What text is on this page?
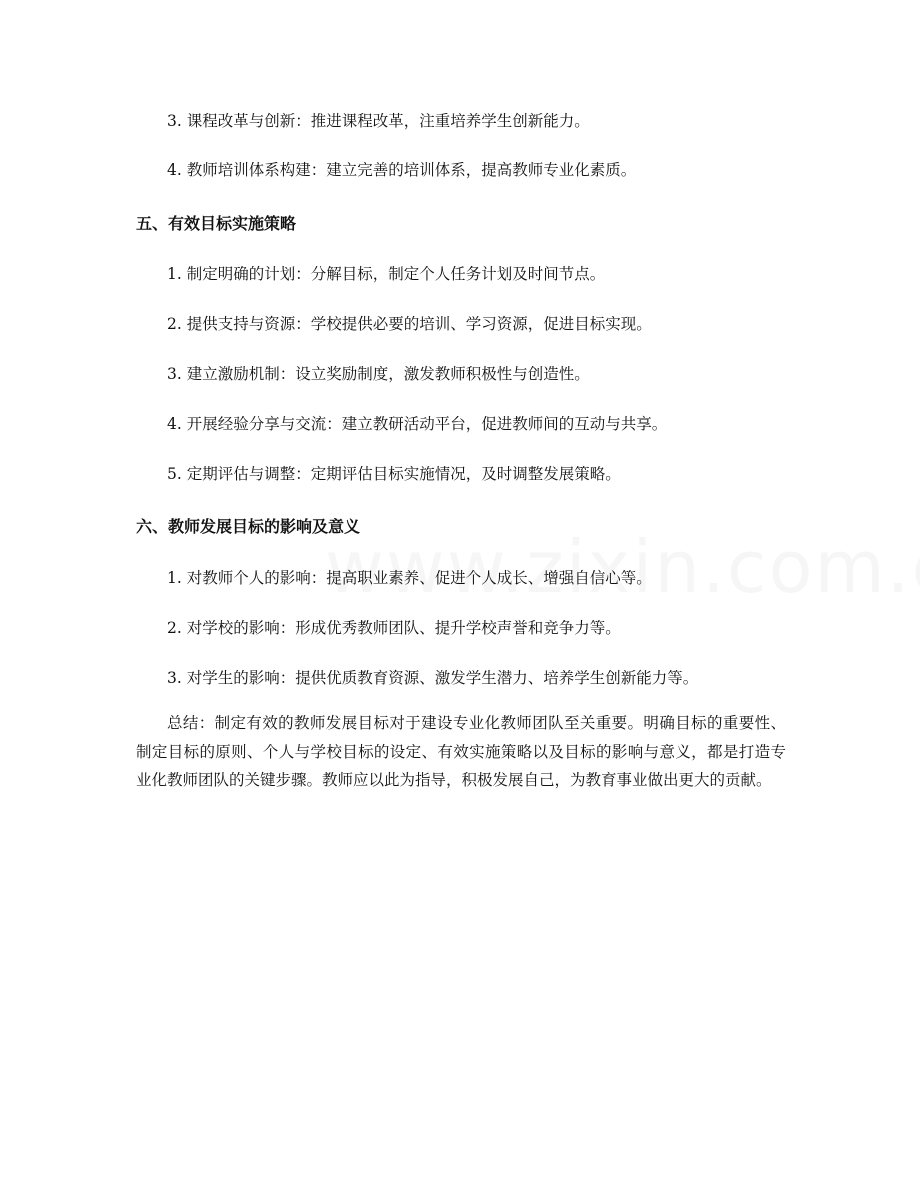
3. 课程改革与创新：推进课程改革，注重培养学生创新能力。
4. 教师培训体系构建：建立完善的培训体系，提高教师专业化素质。
五、有效目标实施策略
1. 制定明确的计划：分解目标，制定个人任务计划及时间节点。
2. 提供支持与资源：学校提供必要的培训、学习资源，促进目标实现。
3. 建立激励机制：设立奖励制度，激发教师积极性与创造性。
4. 开展经验分享与交流：建立教研活动平台，促进教师间的互动与共享。
5. 定期评估与调整：定期评估目标实施情况，及时调整发展策略。
六、教师发展目标的影响及意义
1. 对教师个人的影响：提高职业素养、促进个人成长、增强自信心等。
2. 对学校的影响：形成优秀教师团队、提升学校声誉和竞争力等。
3. 对学生的影响：提供优质教育资源、激发学生潜力、培养学生创新能力等。
总结：制定有效的教师发展目标对于建设专业化教师团队至关重要。明确目标的重要性、制定目标的原则、个人与学校目标的设定、有效实施策略以及目标的影响与意义，都是打造专业化教师团队的关键步骤。教师应以此为指导，积极发展自己，为教育事业做出更大的贡献。
